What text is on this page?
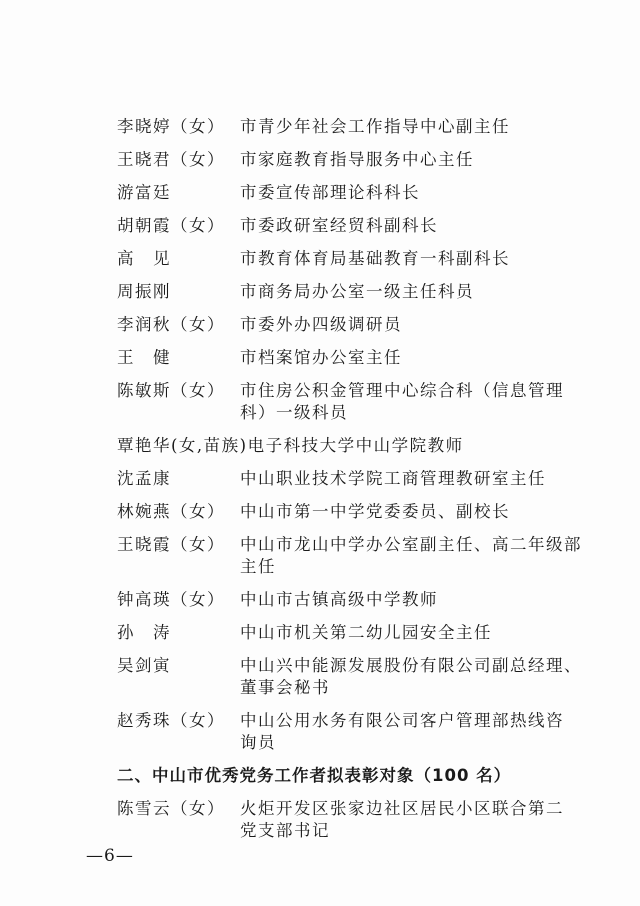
李晓婷（女） 市青少年社会工作指导中心副主任
王晓君（女） 市家庭教育指导服务中心主任
游富廷	市委宣传部理论科科长
胡朝霞（女） 市委政研室经贸科副科长
高　见	市教育体育局基础教育一科副科长
周振刚	市商务局办公室一级主任科员
李润秋（女） 市委外办四级调研员
王　健	市档案馆办公室主任
陈敏斯（女） 市住房公积金管理中心综合科（信息管理
科）一级科员
覃艳华(女,苗族) 电子科技大学中山学院教师
沈孟康	中山职业技术学院工商管理教研室主任
林婉燕（女） 中山市第一中学党委委员、副校长
王晓霞（女） 中山市龙山中学办公室副主任、高二年级部
主任
钟高瑛（女） 中山市古镇高级中学教师
孙　涛	中山市机关第二幼儿园安全主任
吴剑寅	中山兴中能源发展股份有限公司副总经理、
董事会秘书
赵秀珠（女） 中山公用水务有限公司客户管理部热线咨
询员
二、中山市优秀党务工作者拟表彰对象（100 名）
陈雪云（女） 火炬开发区张家边社区居民小区联合第二
党支部书记
—6—
